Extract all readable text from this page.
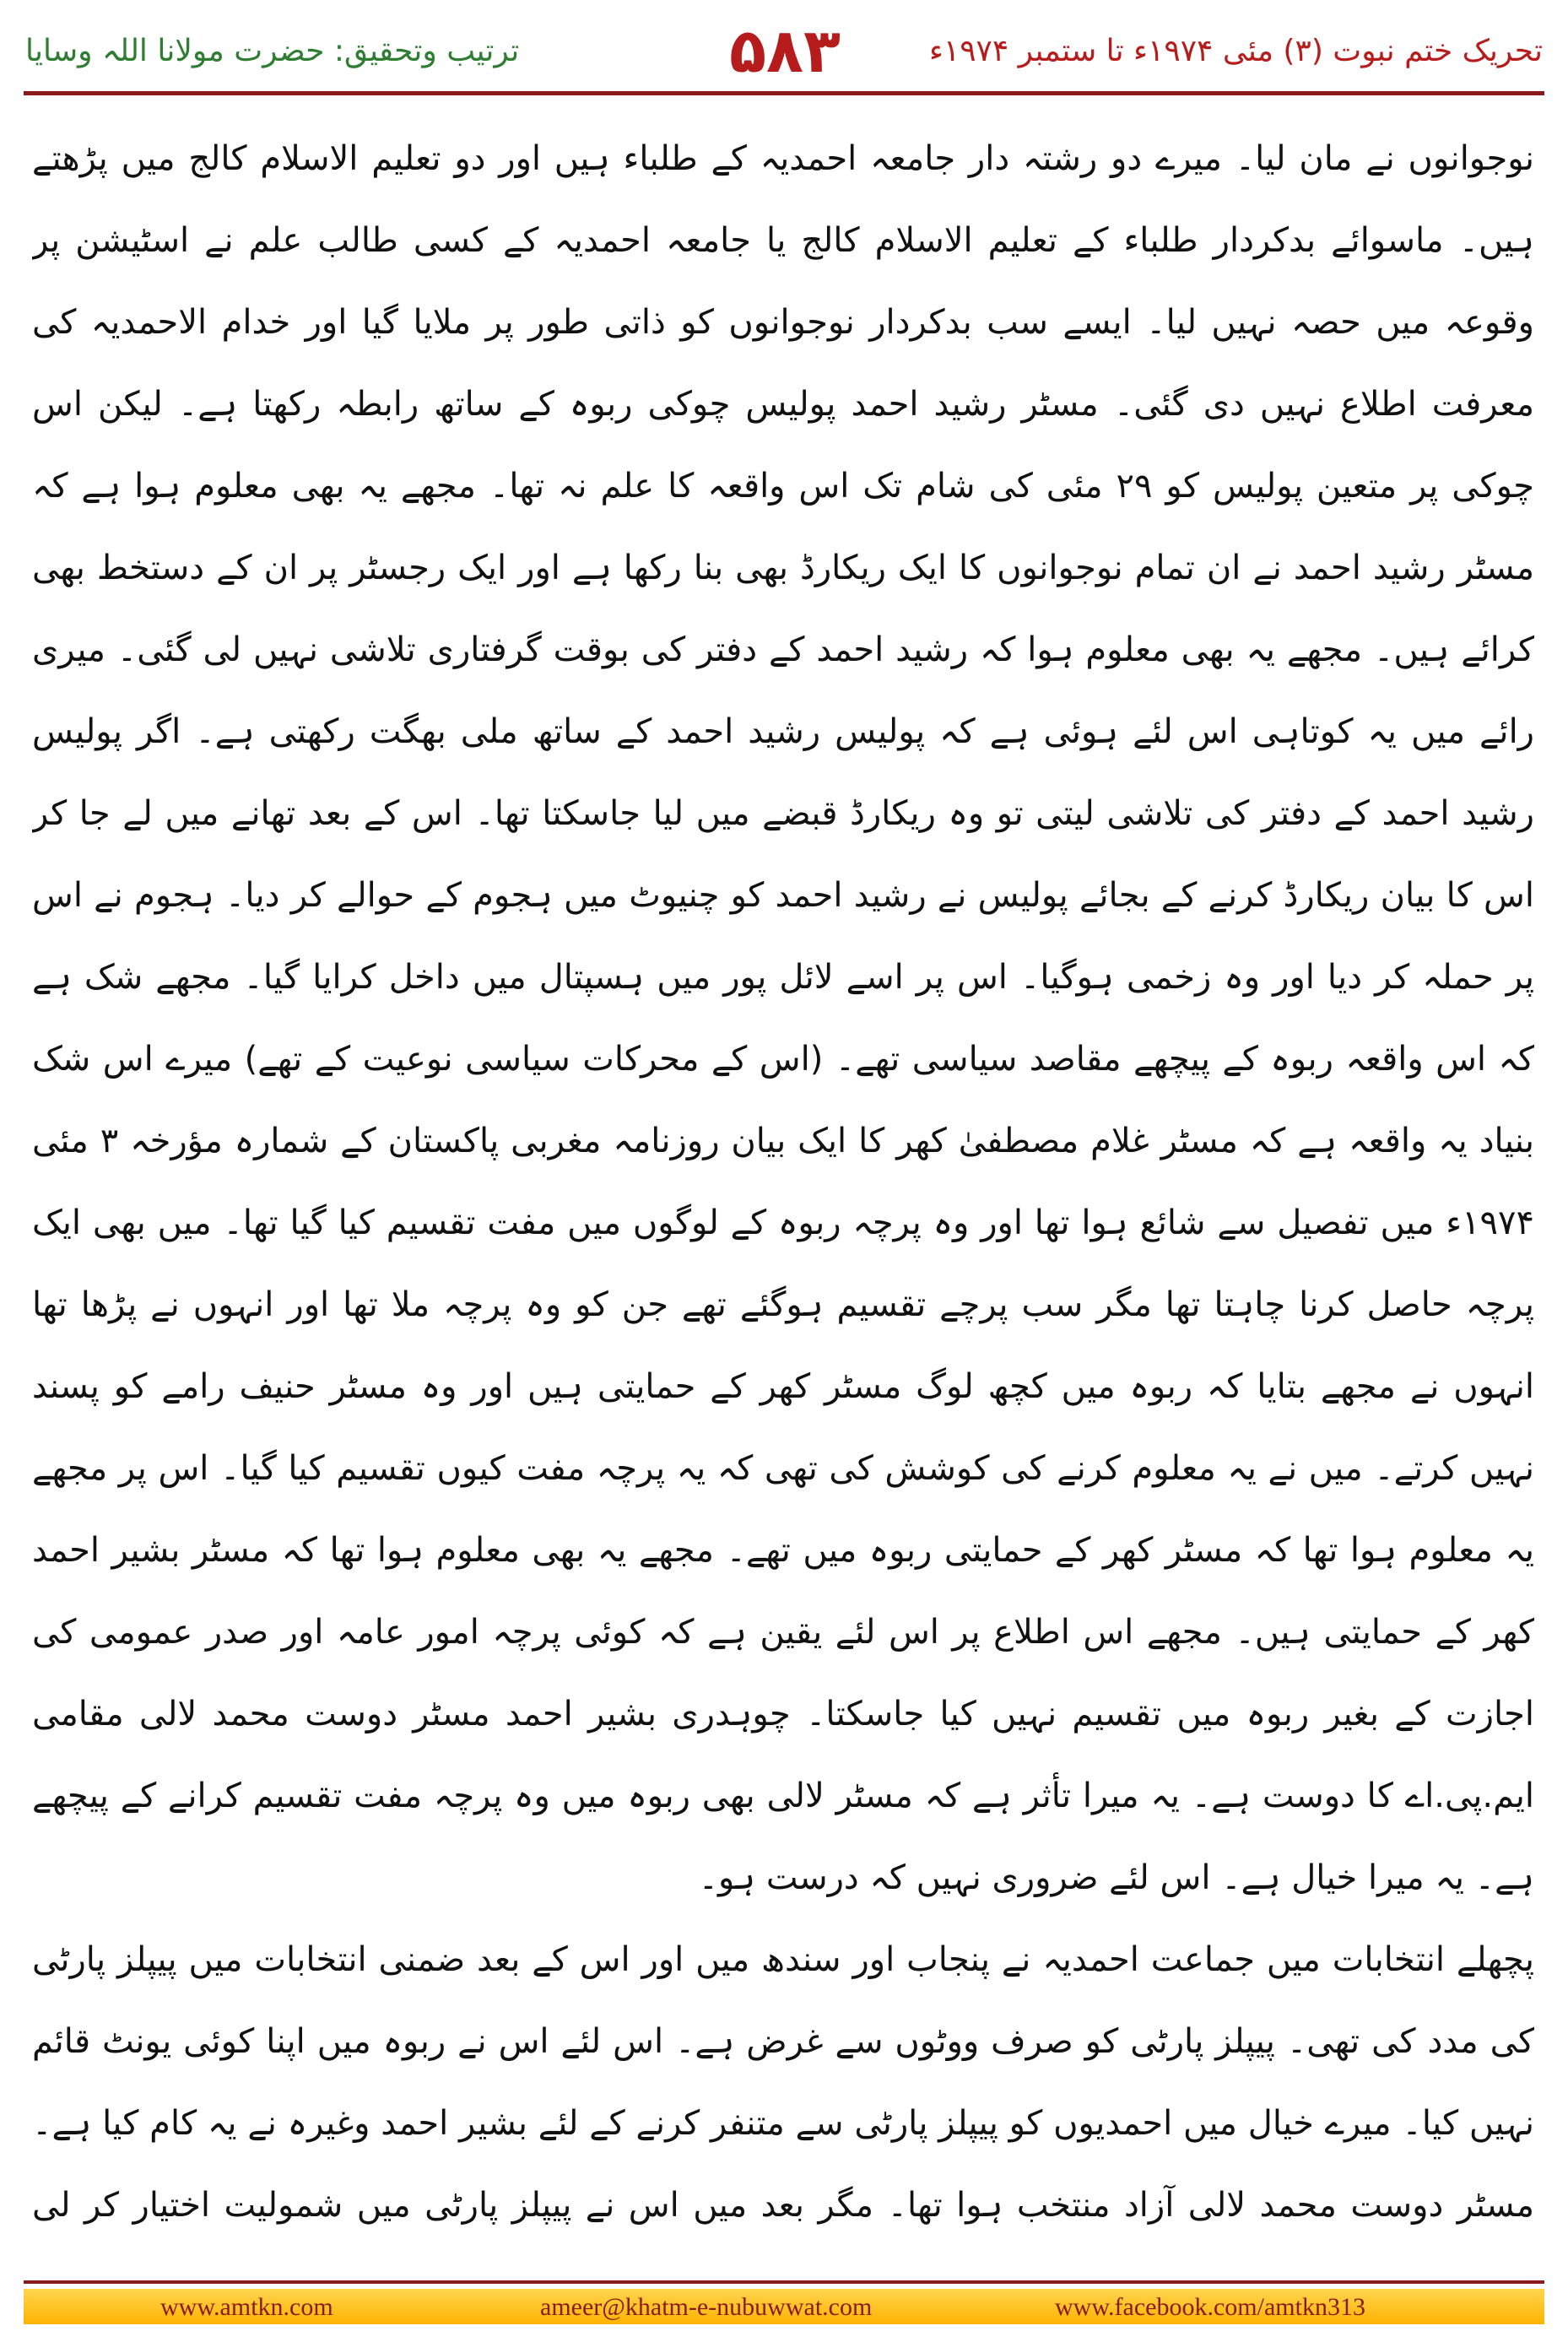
ترتیب وتحقیق: حضرت مولانا اللہ وسایا	۵۸۳	تحریک ختم نبوت (۳) مئی ۱۹۷۴ء تا ستمبر ۱۹۷۴ء

نوجوانوں نے مان لیا۔ میرے دو رشتہ دار جامعہ احمدیہ کے طلباء ہیں اور دو تعلیم الاسلام کالج میں پڑھتے ہیں۔ ماسوائے بدکردار طلباء کے تعلیم الاسلام کالج یا جامعہ احمدیہ کے کسی طالب علم نے اسٹیشن پر وقوعہ میں حصہ نہیں لیا۔ ایسے سب بدکردار نوجوانوں کو ذاتی طور پر ملایا گیا اور خدام الاحمدیہ کی معرفت اطلاع نہیں دی گئی۔ مسٹر رشید احمد پولیس چوکی ربوہ کے ساتھ رابطہ رکھتا ہے۔ لیکن اس چوکی پر متعین پولیس کو ۲۹ مئی کی شام تک اس واقعہ کا علم نہ تھا۔ مجھے یہ بھی معلوم ہوا ہے کہ مسٹر رشید احمد نے ان تمام نوجوانوں کا ایک ریکارڈ بھی بنا رکھا ہے اور ایک رجسٹر پر ان کے دستخط بھی کرائے ہیں۔ مجھے یہ بھی معلوم ہوا کہ رشید احمد کے دفتر کی بوقت گرفتاری تلاشی نہیں لی گئی۔ میری رائے میں یہ کوتاہی اس لئے ہوئی ہے کہ پولیس رشید احمد کے ساتھ ملی بھگت رکھتی ہے۔ اگر پولیس رشید احمد کے دفتر کی تلاشی لیتی تو وہ ریکارڈ قبضے میں لیا جاسکتا تھا۔ اس کے بعد تھانے میں لے جا کر اس کا بیان ریکارڈ کرنے کے بجائے پولیس نے رشید احمد کو چنیوٹ میں ہجوم کے حوالے کر دیا۔ ہجوم نے اس پر حملہ کر دیا اور وہ زخمی ہوگیا۔ اس پر اسے لائل پور میں ہسپتال میں داخل کرایا گیا۔ مجھے شک ہے کہ اس واقعہ ربوہ کے پیچھے مقاصد سیاسی تھے۔ (اس کے محرکات سیاسی نوعیت کے تھے) میرے اس شک بنیاد یہ واقعہ ہے کہ مسٹر غلام مصطفیٰ کھر کا ایک بیان روزنامہ مغربی پاکستان کے شمارہ مؤرخہ ۳ مئی ۱۹۷۴ء میں تفصیل سے شائع ہوا تھا اور وہ پرچہ ربوہ کے لوگوں میں مفت تقسیم کیا گیا تھا۔ میں بھی ایک پرچہ حاصل کرنا چاہتا تھا مگر سب پرچے تقسیم ہوگئے تھے جن کو وہ پرچہ ملا تھا اور انہوں نے پڑھا تھا انہوں نے مجھے بتایا کہ ربوہ میں کچھ لوگ مسٹر کھر کے حمایتی ہیں اور وہ مسٹر حنیف رامے کو پسند نہیں کرتے۔ میں نے یہ معلوم کرنے کی کوشش کی تھی کہ یہ پرچہ مفت کیوں تقسیم کیا گیا۔ اس پر مجھے یہ معلوم ہوا تھا کہ مسٹر کھر کے حمایتی ربوہ میں تھے۔ مجھے یہ بھی معلوم ہوا تھا کہ مسٹر بشیر احمد کھر کے حمایتی ہیں۔ مجھے اس اطلاع پر اس لئے یقین ہے کہ کوئی پرچہ امور عامہ اور صدر عمومی کی اجازت کے بغیر ربوہ میں تقسیم نہیں کیا جاسکتا۔ چوہدری بشیر احمد مسٹر دوست محمد لالی مقامی ایم.پی.اے کا دوست ہے۔ یہ میرا تأثر ہے کہ مسٹر لالی بھی ربوہ میں وہ پرچہ مفت تقسیم کرانے کے پیچھے ہے۔ یہ میرا خیال ہے۔ اس لئے ضروری نہیں کہ درست ہو۔

پچھلے انتخابات میں جماعت احمدیہ نے پنجاب اور سندھ میں اور اس کے بعد ضمنی انتخابات میں پیپلز پارٹی کی مدد کی تھی۔ پیپلز پارٹی کو صرف ووٹوں سے غرض ہے۔ اس لئے اس نے ربوہ میں اپنا کوئی یونٹ قائم نہیں کیا۔ میرے خیال میں احمدیوں کو پیپلز پارٹی سے متنفر کرنے کے لئے بشیر احمد وغیرہ نے یہ کام کیا ہے۔ مسٹر دوست محمد لالی آزاد منتخب ہوا تھا۔ مگر بعد میں اس نے پیپلز پارٹی میں شمولیت اختیار کر لی

www.amtkn.com	ameer@khatm-e-nubuwwat.com	www.facebook.com/amtkn313
